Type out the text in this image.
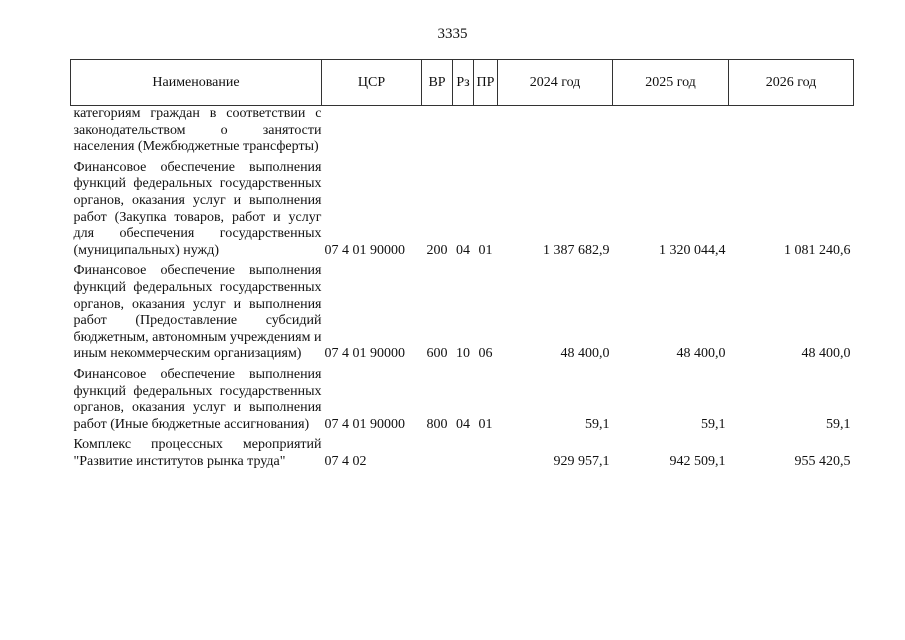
3335
Наименование	ЦСР	ВР	Рз	ПР	2024 год	2025 год	2026 год

категориям граждан в соответствии с законодательством о занятости населения (Межбюджетные трансферты)							

Финансовое обеспечение выполнения функций федеральных государственных органов, оказания услуг и выполнения работ (Закупка товаров, работ и услуг для обеспечения государственных (муниципальных) нужд)	07 4 01 90000	200	04	01	1 387 682,9	1 320 044,4	1 081 240,6

Финансовое обеспечение выполнения функций федеральных государственных органов, оказания услуг и выполнения работ (Предоставление субсидий бюджетным, автономным учреждениям и иным некоммерческим организациям)	07 4 01 90000	600	10	06	48 400,0	48 400,0	48 400,0

Финансовое обеспечение выполнения функций федеральных государственных органов, оказания услуг и выполнения работ (Иные бюджетные ассигнования)	07 4 01 90000	800	04	01	59,1	59,1	59,1

Комплекс процессных мероприятий "Развитие институтов рынка труда"	07 4 02				929 957,1	942 509,1	955 420,5
